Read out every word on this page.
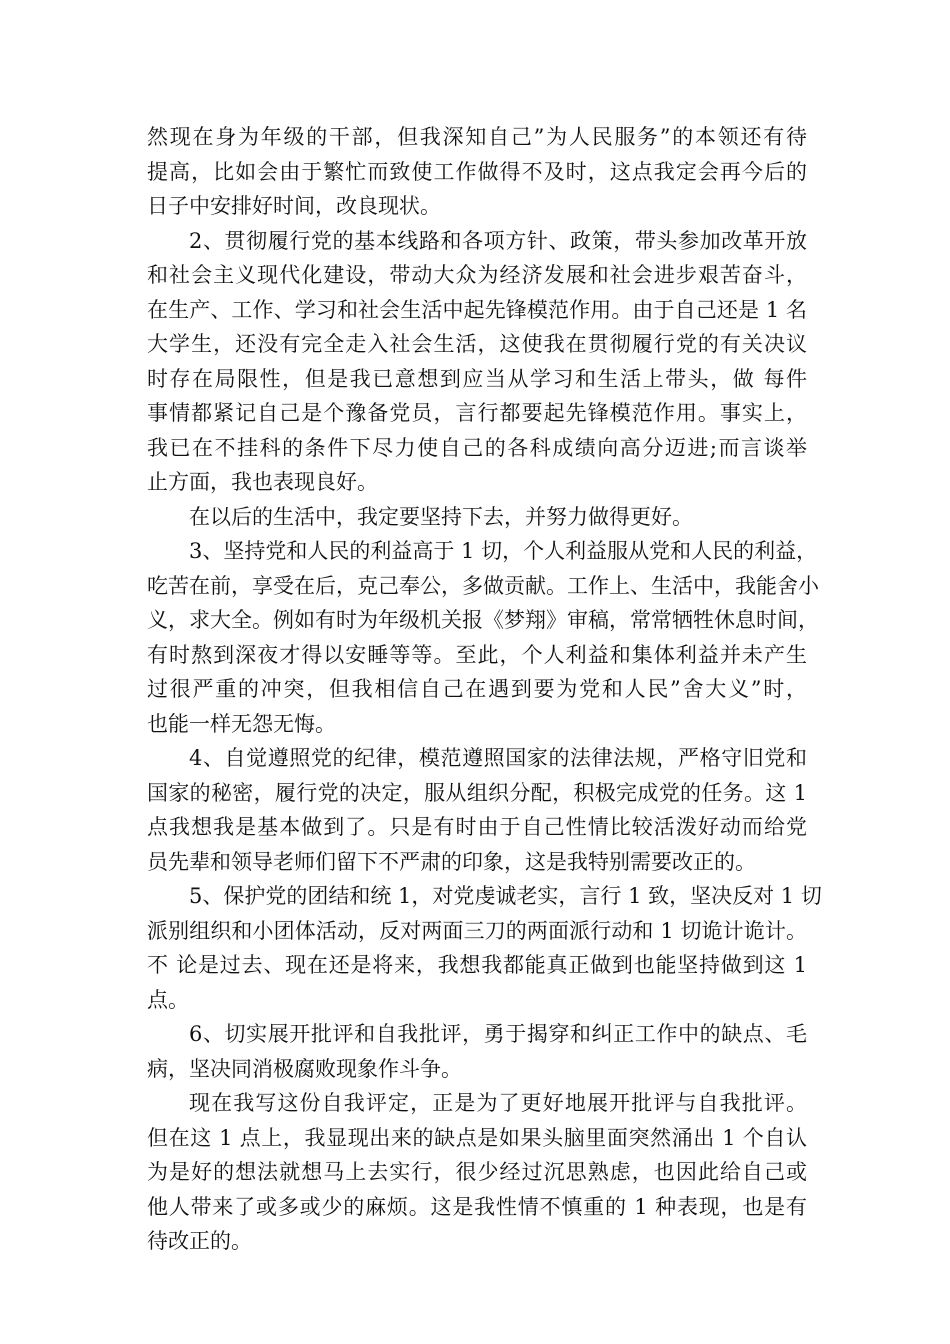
然现在身为年级的干部，但我深知自己”为人民服务”的本领还有待
提高，比如会由于繁忙而致使工作做得不及时，这点我定会再今后的
日子中安排好时间，改良现状。
2、贯彻履行党的基本线路和各项方针、政策，带头参加改革开放
和社会主义现代化建设，带动大众为经济发展和社会进步艰苦奋斗，
在生产、工作、学习和社会生活中起先锋模范作用。由于自己还是 1 名
大学生，还没有完全走入社会生活，这使我在贯彻履行党的有关决议
时存在局限性，但是我已意想到应当从学习和生活上带头，做 每件
事情都紧记自己是个豫备党员，言行都要起先锋模范作用。事实上，
我已在不挂科的条件下尽力使自己的各科成绩向高分迈进;而言谈举
止方面，我也表现良好。
在以后的生活中，我定要坚持下去，并努力做得更好。
3、坚持党和人民的利益高于 1 切，个人利益服从党和人民的利益，
吃苦在前，享受在后，克己奉公，多做贡献。工作上、生活中，我能舍小
义，求大全。例如有时为年级机关报《梦翔》审稿，常常牺牲休息时间，
有时熬到深夜才得以安睡等等。至此，个人利益和集体利益并未产生
过很严重的冲突，但我相信自己在遇到要为党和人民”舍大义”时，
也能一样无怨无悔。
4、自觉遵照党的纪律，模范遵照国家的法律法规，严格守旧党和
国家的秘密，履行党的决定，服从组织分配，积极完成党的任务。这 1
点我想我是基本做到了。只是有时由于自己性情比较活泼好动而给党
员先辈和领导老师们留下不严肃的印象，这是我特别需要改正的。
5、保护党的团结和统 1，对党虔诚老实，言行 1 致，坚决反对 1 切
派别组织和小团体活动，反对两面三刀的两面派行动和 1 切诡计诡计。
不 论是过去、现在还是将来，我想我都能真正做到也能坚持做到这 1
点。
6、切实展开批评和自我批评，勇于揭穿和纠正工作中的缺点、毛
病，坚决同消极腐败现象作斗争。
现在我写这份自我评定，正是为了更好地展开批评与自我批评。
但在这 1 点上，我显现出来的缺点是如果头脑里面突然涌出 1 个自认
为是好的想法就想马上去实行，很少经过沉思熟虑，也因此给自己或
他人带来了或多或少的麻烦。这是我性情不慎重的 1 种表现，也是有
待改正的。
